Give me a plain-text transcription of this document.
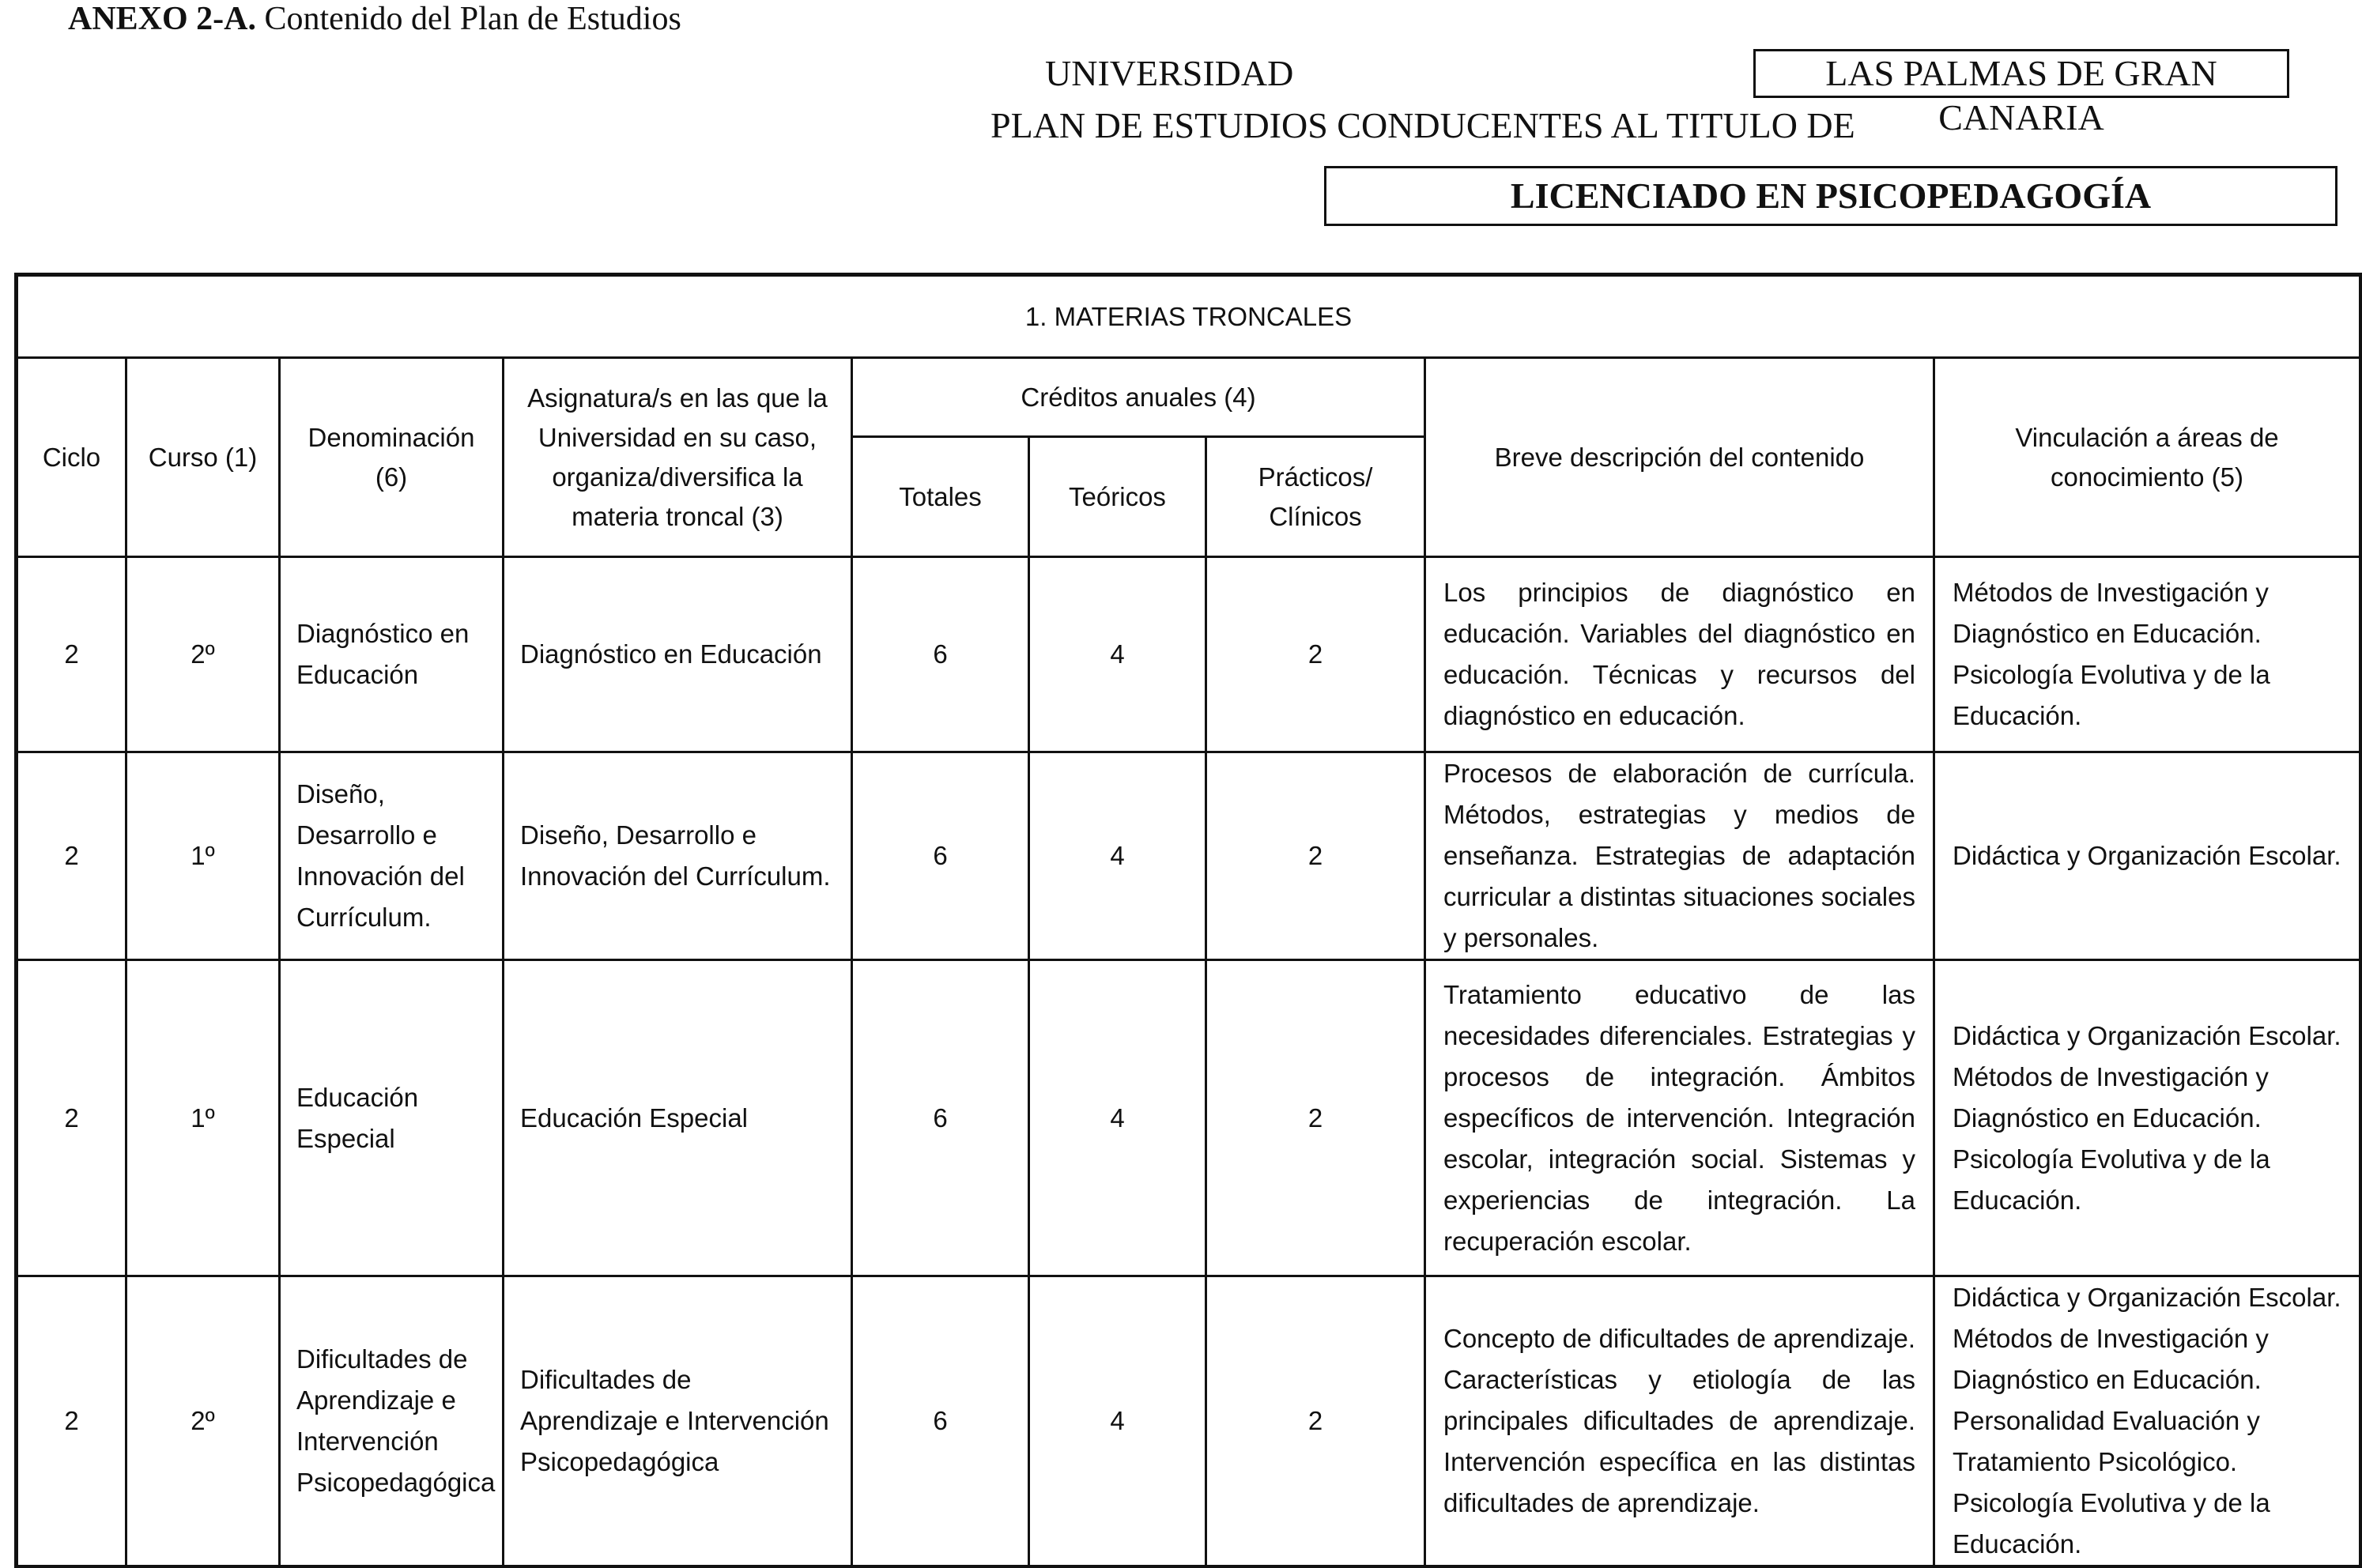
ANEXO 2-A. Contenido del Plan de Estudios
UNIVERSIDAD	LAS PALMAS DE GRAN CANARIA
PLAN DE ESTUDIOS CONDUCENTES AL TITULO DE
LICENCIADO EN PSICOPEDAGOGÍA
1. MATERIAS TRONCALES								
Ciclo	Curso (1)	Denominación (6)	Asignatura/s en las que la Universidad en su caso, organiza/diversifica la materia troncal (3)	Créditos anuales (4)			Breve descripción del contenido	Vinculación a áreas de conocimiento (5)
				Totales	Teóricos	Prácticos/ Clínicos		
2	2º	Diagnóstico en Educación	Diagnóstico en Educación	6	4	2	Los principios de diagnóstico en educación. Variables del diagnóstico en educación. Técnicas y recursos del diagnóstico en educación.	Métodos de Investigación y Diagnóstico en Educación. Psicología Evolutiva y de la Educación.
2	1º	Diseño, Desarrollo e Innovación del Currículum.	Diseño, Desarrollo e Innovación del Currículum.	6	4	2	Procesos de elaboración de currícula. Métodos, estrategias y medios de enseñanza. Estrategias de adaptación curricular a distintas situaciones sociales y personales.	Didáctica y Organización Escolar.
2	1º	Educación Especial	Educación Especial	6	4	2	Tratamiento educativo de las necesidades diferenciales. Estrategias y procesos de integración. Ámbitos específicos de intervención. Integración escolar, integración social. Sistemas y experiencias de integración. La recuperación escolar.	Didáctica y Organización Escolar. Métodos de Investigación y Diagnóstico en Educación. Psicología Evolutiva y de la Educación.
2	2º	Dificultades de Aprendizaje e Intervención Psicopedagógica	Dificultades de Aprendizaje e Intervención Psicopedagógica	6	4	2	Concepto de dificultades de aprendizaje. Características y etiología de las principales dificultades de aprendizaje. Intervención específica en las distintas dificultades de aprendizaje.	Didáctica y Organización Escolar. Métodos de Investigación y Diagnóstico en Educación. Personalidad Evaluación y Tratamiento Psicológico. Psicología Evolutiva y de la Educación.
